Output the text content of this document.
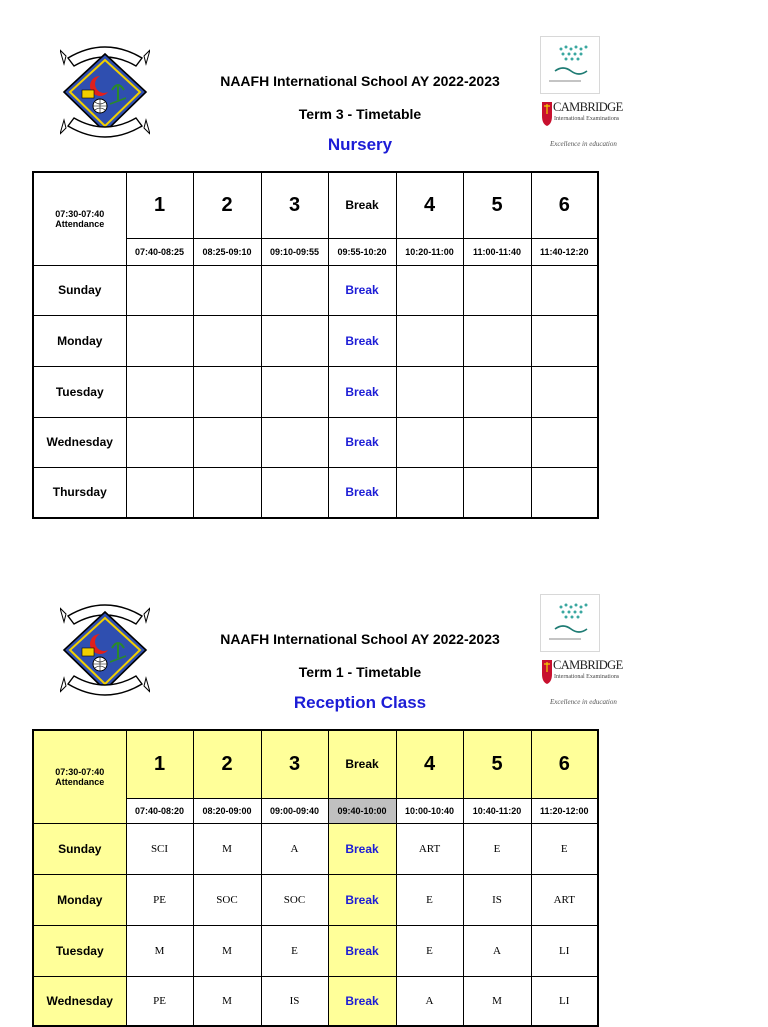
NAAFH International School AY 2022-2023
Term 3 - Timetable
Nursery
CAMBRIDGE
International Examinations
Excellence in education
07:30-07:40
Attendance	1	2	3	Break	4	5	6
	07:40-08:25	08:25-09:10	09:10-09:55	09:55-10:20	10:20-11:00	11:00-11:40	11:40-12:20
Sunday				Break			
Monday				Break			
Tuesday				Break			
Wednesday				Break			
Thursday				Break			
NAAFH International School AY 2022-2023
Term 1 - Timetable
Reception Class
CAMBRIDGE
International Examinations
Excellence in education
07:30-07:40
Attendance	1	2	3	Break	4	5	6
	07:40-08:20	08:20-09:00	09:00-09:40	09:40-10:00	10:00-10:40	10:40-11:20	11:20-12:00
Sunday	SCI	M	A	Break	ART	E	E
Monday	PE	SOC	SOC	Break	E	IS	ART
Tuesday	M	M	E	Break	E	A	LI
Wednesday	PE	M	IS	Break	A	M	LI
